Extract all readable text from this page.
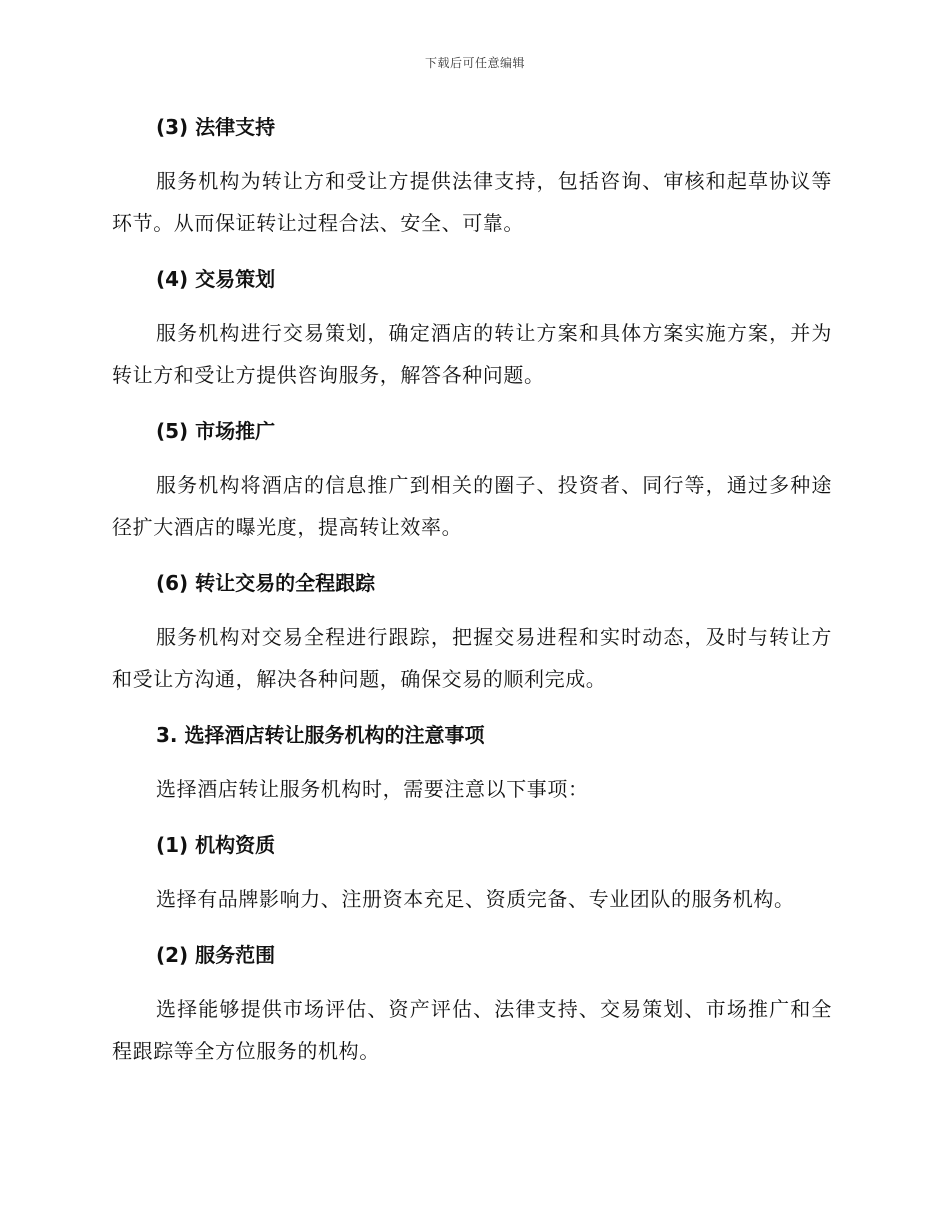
下载后可任意编辑
(3) 法律支持

服务机构为转让方和受让方提供法律支持，包括咨询、审核和起草协议等环节。从而保证转让过程合法、安全、可靠。

(4) 交易策划

服务机构进行交易策划，确定酒店的转让方案和具体方案实施方案，并为转让方和受让方提供咨询服务，解答各种问题。

(5) 市场推广

服务机构将酒店的信息推广到相关的圈子、投资者、同行等，通过多种途径扩大酒店的曝光度，提高转让效率。

(6) 转让交易的全程跟踪

服务机构对交易全程进行跟踪，把握交易进程和实时动态，及时与转让方和受让方沟通，解决各种问题，确保交易的顺利完成。

3. 选择酒店转让服务机构的注意事项

选择酒店转让服务机构时，需要注意以下事项：

(1) 机构资质

选择有品牌影响力、注册资本充足、资质完备、专业团队的服务机构。

(2) 服务范围

选择能够提供市场评估、资产评估、法律支持、交易策划、市场推广和全程跟踪等全方位服务的机构。
